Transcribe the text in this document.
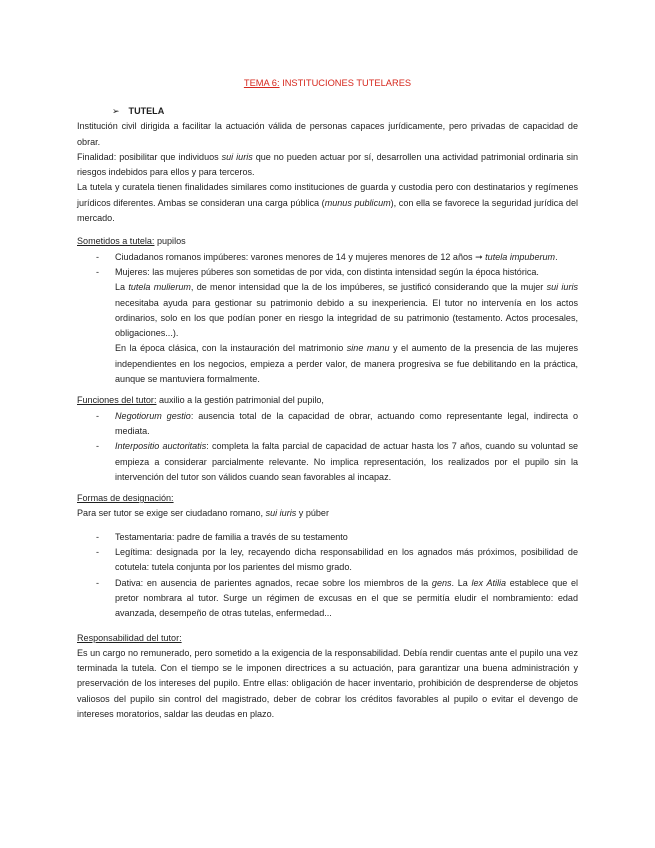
TEMA 6: INSTITUCIONES TUTELARES
➢ TUTELA

Institución civil dirigida a facilitar la actuación válida de personas capaces jurídicamente, pero privadas de capacidad de obrar.

Finalidad: posibilitar que individuos sui iuris que no pueden actuar por sí, desarrollen una actividad patrimonial ordinaria sin riesgos indebidos para ellos y para terceros.

La tutela y curatela tienen finalidades similares como instituciones de guarda y custodia pero con destinatarios y regímenes jurídicos diferentes. Ambas se consideran una carga pública (munus publicum), con ella se favorece la seguridad jurídica del mercado.

Sometidos a tutela: pupilos

- Ciudadanos romanos impúberes: varones menores de 14 y mujeres menores de 12 años ➞ tutela impuberum.
- Mujeres: las mujeres púberes son sometidas de por vida, con distinta intensidad según la época histórica.
La tutela mulierum, de menor intensidad que la de los impúberes, se justificó considerando que la mujer sui iuris necesitaba ayuda para gestionar su patrimonio debido a su inexperiencia. El tutor no intervenía en los actos ordinarios, solo en los que podían poner en riesgo la integridad de su patrimonio (testamento. Actos procesales, obligaciones...).
En la época clásica, con la instauración del matrimonio sine manu y el aumento de la presencia de las mujeres independientes en los negocios, empieza a perder valor, de manera progresiva se fue debilitando en la práctica, aunque se mantuviera formalmente.

Funciones del tutor: auxilio a la gestión patrimonial del pupilo,

- Negotiorum gestio: ausencia total de la capacidad de obrar, actuando como representante legal, indirecta o mediata.
- Interpositio auctoritatis: completa la falta parcial de capacidad de actuar hasta los 7 años, cuando su voluntad se empieza a considerar parcialmente relevante. No implica representación, los realizados por el pupilo sin la intervención del tutor son válidos cuando sean favorables al incapaz.

Formas de designación:

Para ser tutor se exige ser ciudadano romano, sui iuris y púber

- Testamentaria: padre de familia a través de su testamento
- Legítima: designada por la ley, recayendo dicha responsabilidad en los agnados más próximos, posibilidad de cotutela: tutela conjunta por los parientes del mismo grado.
- Dativa: en ausencia de parientes agnados, recae sobre los miembros de la gens. La lex Atilia establece que el pretor nombrara al tutor. Surge un régimen de excusas en el que se permitía eludir el nombramiento: edad avanzada, desempeño de otras tutelas, enfermedad...

Responsabilidad del tutor:

Es un cargo no remunerado, pero sometido a la exigencia de la responsabilidad. Debía rendir cuentas ante el pupilo una vez terminada la tutela. Con el tiempo se le imponen directrices a su actuación, para garantizar una buena administración y preservación de los intereses del pupilo. Entre ellas: obligación de hacer inventario, prohibición de desprenderse de objetos valiosos del pupilo sin control del magistrado, deber de cobrar los créditos favorables al pupilo o evitar el devengo de intereses moratorios, saldar las deudas en plazo.
